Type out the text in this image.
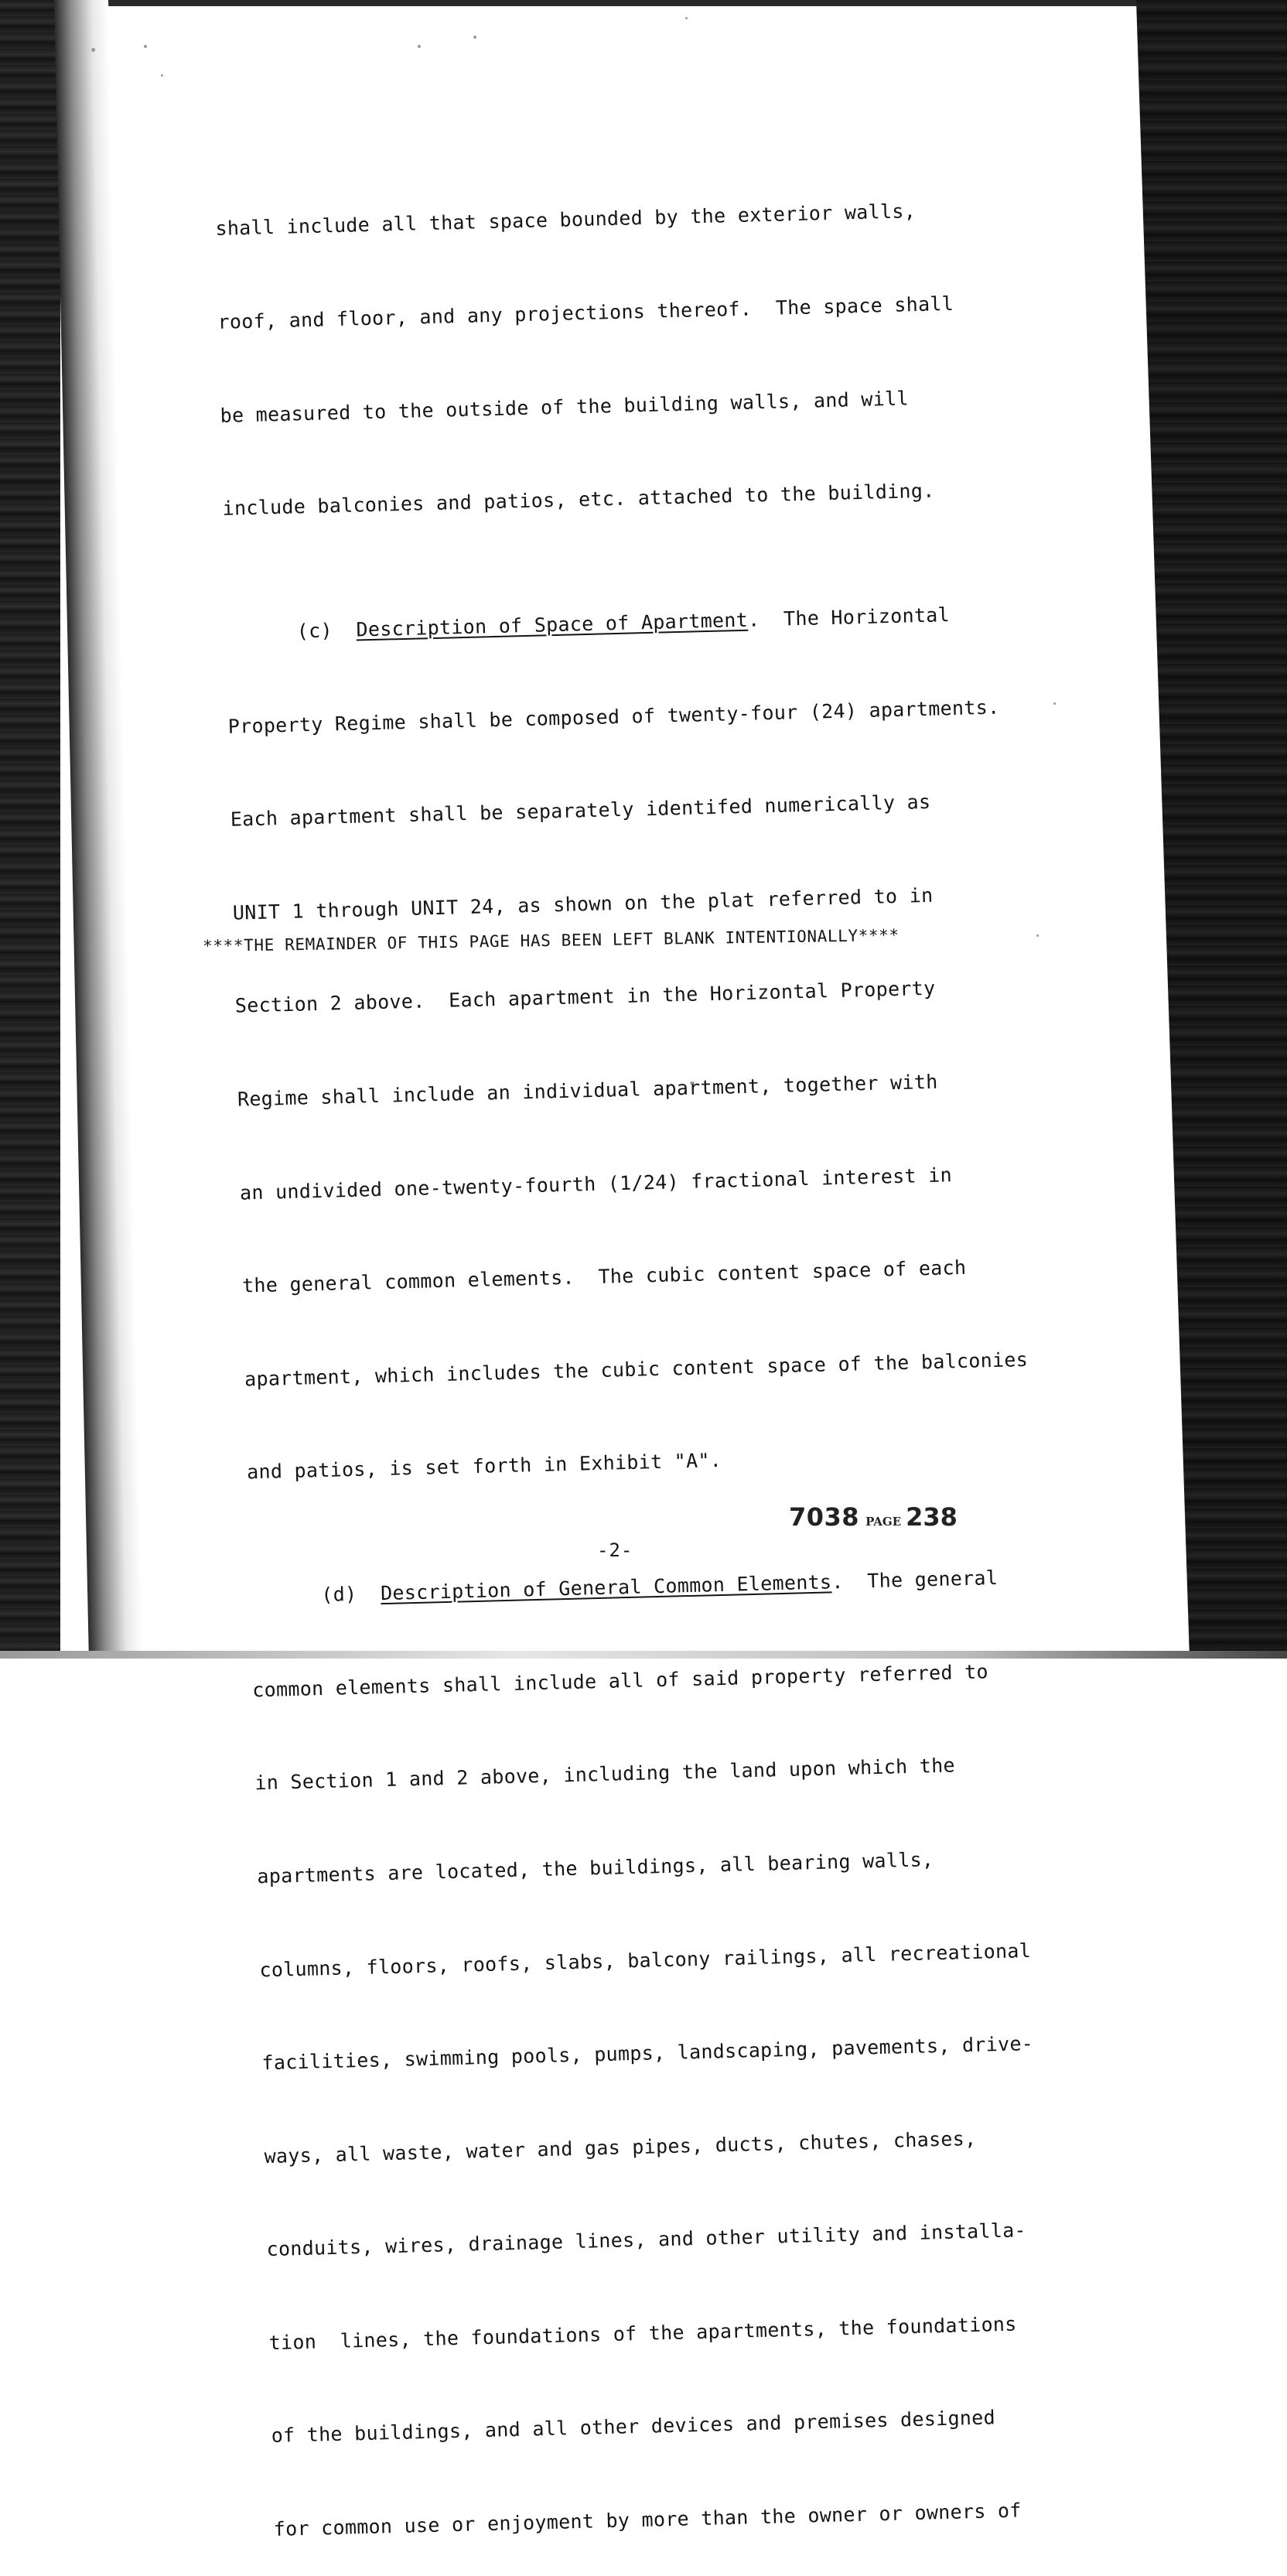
shall include all that space bounded by the exterior walls,

roof, and floor, and any projections thereof.  The space shall

be measured to the outside of the building walls, and will

include balconies and patios, etc. attached to the building.

(c) Description of Space of Apartment.  The Horizontal

Property Regime shall be composed of twenty-four (24) apartments.

Each apartment shall be separately identifed numerically as

UNIT 1 through UNIT 24, as shown on the plat referred to in

Section 2 above.  Each apartment in the Horizontal Property

Regime shall include an individual apartment, together with

an undivided one-twenty-fourth (1/24) fractional interest in

the general common elements.  The cubic content space of each

apartment, which includes the cubic content space of the balconies

and patios, is set forth in Exhibit "A".

(d) Description of General Common Elements.  The general

common elements shall include all of said property referred to

in Section 1 and 2 above, including the land upon which the

apartments are located, the buildings, all bearing walls,

columns, floors, roofs, slabs, balcony railings, all recreational

facilities, swimming pools, pumps, landscaping, pavements, drive-

ways, all waste, water and gas pipes, ducts, chutes, chases,

conduits, wires, drainage lines, and other utility and installa-

tion  lines, the foundations of the apartments, the foundations

of the buildings, and all other devices and premises designed

for common use or enjoyment by more than the owner or owners of

****THE REMAINDER OF THIS PAGE HAS BEEN LEFT BLANK INTENTIONALLY****
7038 PAGE 238
-2-
